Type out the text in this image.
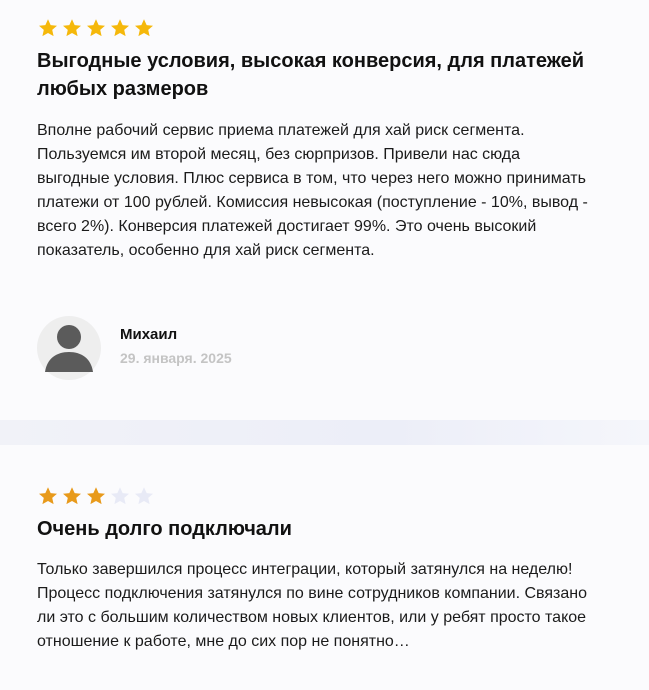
Выгодные условия, высокая конверсия, для платежей любых размеров
Вполне рабочий сервис приема платежей для хай риск сегмента. Пользуемся им второй месяц, без сюрпризов. Привели нас сюда выгодные условия. Плюс сервиса в том, что через него можно принимать платежи от 100 рублей. Комиссия невысокая (поступление - 10%, вывод - всего 2%). Конверсия платежей достигает 99%. Это очень высокий показатель, особенно для хай риск сегмента.
Михаил
29. января. 2025
Очень долго подключали
Только завершился процесс интеграции, который затянулся на неделю! Процесс подключения затянулся по вине сотрудников компании. Связано ли это с большим количеством новых клиентов, или у ребят просто такое отношение к работе, мне до сих пор не понятно…
